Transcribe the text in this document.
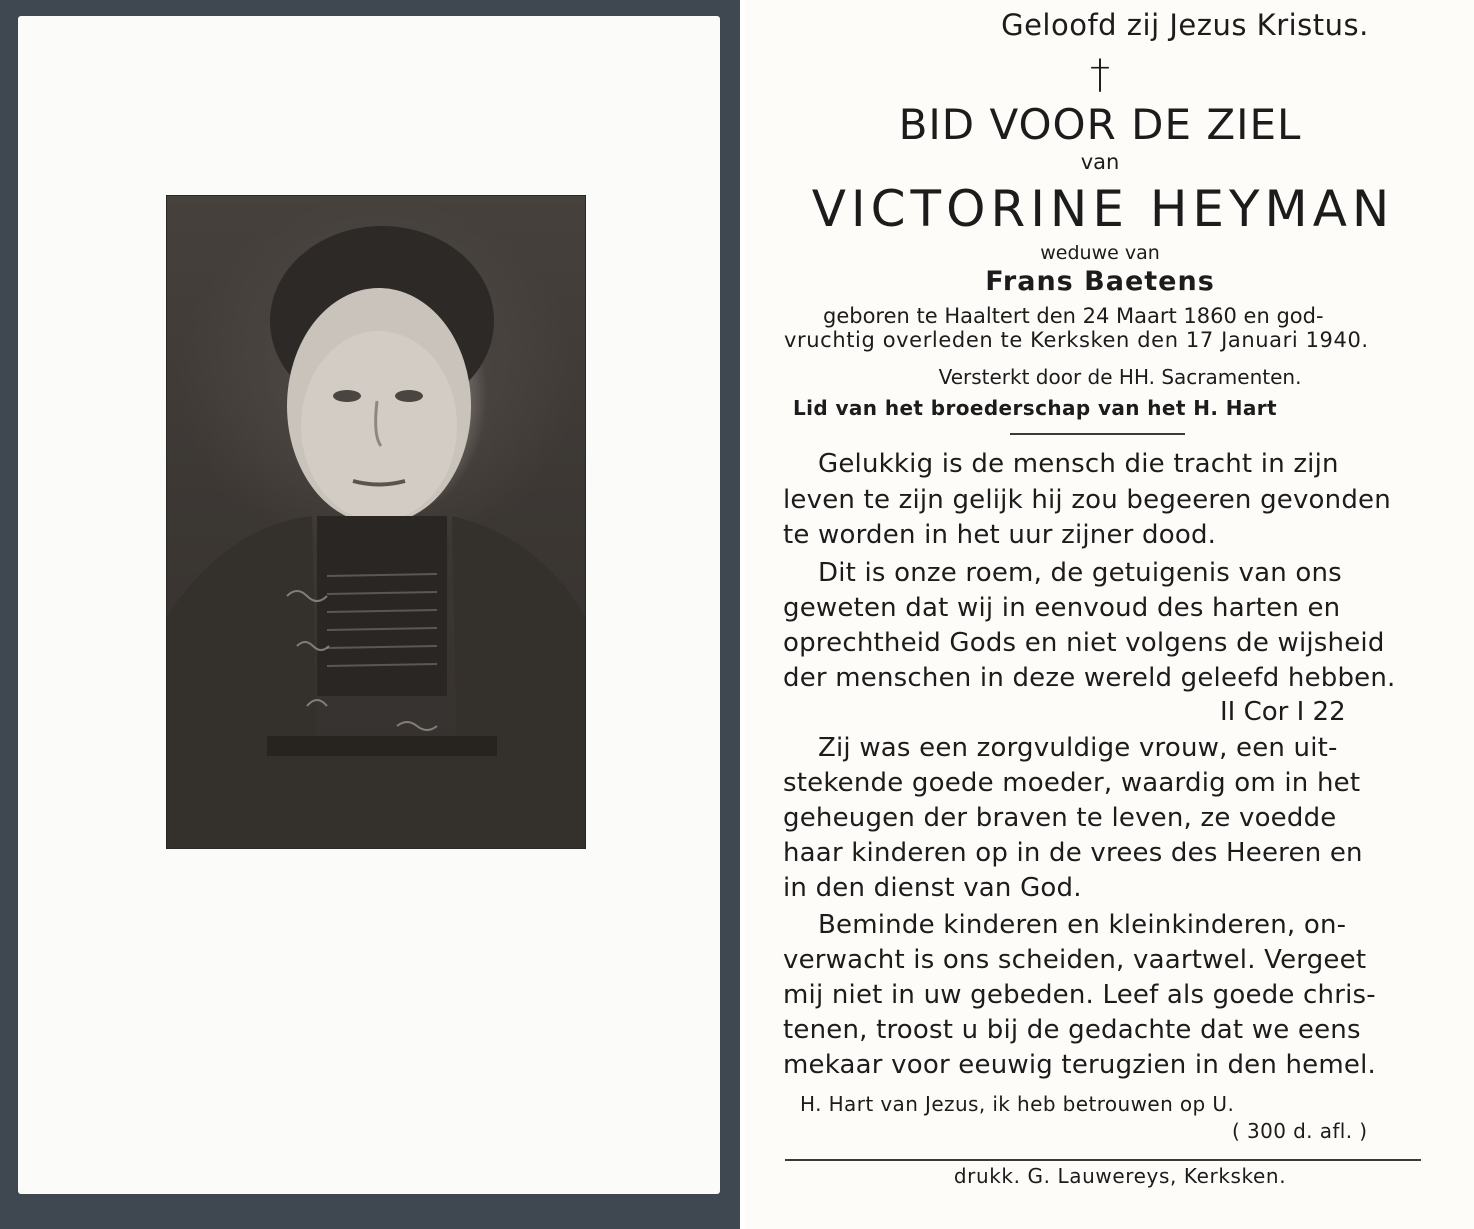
Geloofd zij Jezus Kristus.
†
BID VOOR DE ZIEL
van
VICTORINE HEYMAN
weduwe van
Frans Baetens
geboren te Haaltert den 24 Maart 1860 en god-
vruchtig overleden te Kerksken den 17 Januari 1940.
Versterkt door de HH. Sacramenten.
Lid van het broederschap van het H. Hart
Gelukkig is de mensch die tracht in zijn
leven te zijn gelijk hij zou begeeren gevonden
te worden in het uur zijner dood.
Dit is onze roem, de getuigenis van ons
geweten dat wij in eenvoud des harten en
oprechtheid Gods en niet volgens de wijsheid
der menschen in deze wereld geleefd hebben.
II Cor I 22
Zij was een zorgvuldige vrouw, een uit-
stekende goede moeder, waardig om in het
geheugen der braven te leven, ze voedde
haar kinderen op in de vrees des Heeren en
in den dienst van God.
Beminde kinderen en kleinkinderen, on-
verwacht is ons scheiden, vaartwel. Vergeet
mij niet in uw gebeden. Leef als goede chris-
tenen, troost u bij de gedachte dat we eens
mekaar voor eeuwig terugzien in den hemel.
H. Hart van Jezus, ik heb betrouwen op U.
( 300 d. afl. )
drukk. G. Lauwereys, Kerksken.
